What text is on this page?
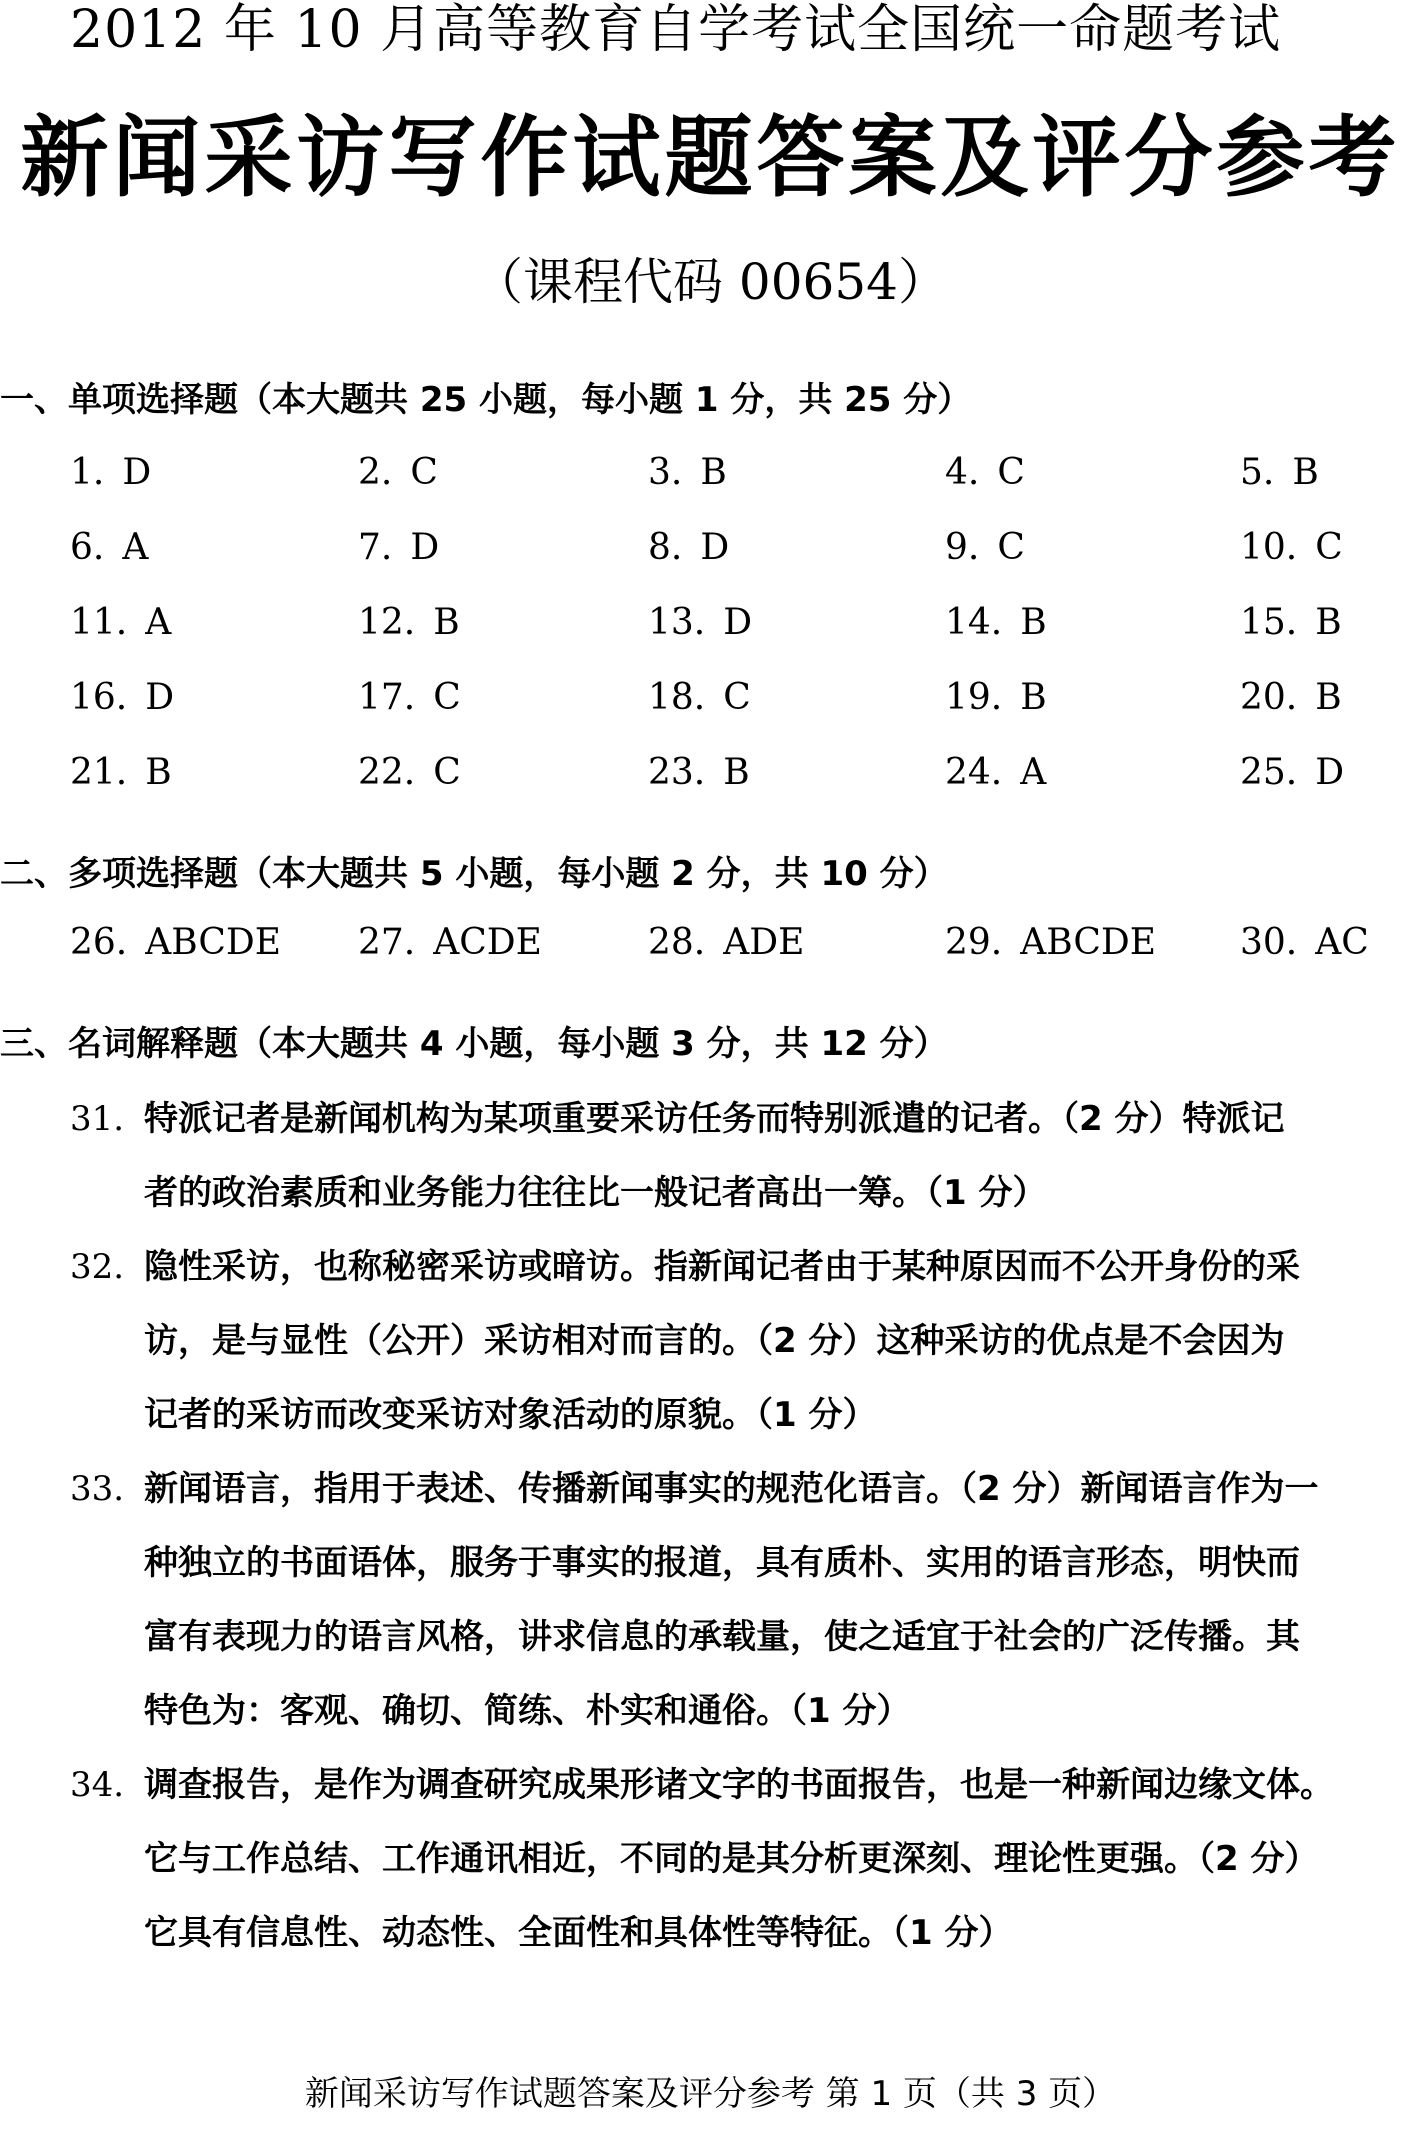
2012 年 10 月高等教育自学考试全国统一命题考试
新闻采访写作试题答案及评分参考
（课程代码 00654）
一、单项选择题（本大题共 25 小题，每小题 1 分，共 25 分）
1. D	2. C	3. B	4. C	5. B
6. A	7. D	8. D	9. C	10. C
11. A	12. B	13. D	14. B	15. B
16. D	17. C	18. C	19. B	20. B
21. B	22. C	23. B	24. A	25. D
二、多项选择题（本大题共 5 小题，每小题 2 分，共 10 分）
26. ABCDE 27. ACDE	28. ADE	29. ABCDE 30. AC
三、名词解释题（本大题共 4 小题，每小题 3 分，共 12 分）
31. 特派记者是新闻机构为某项重要采访任务而特别派遣的记者。（2 分）特派记
者的政治素质和业务能力往往比一般记者高出一筹。（1 分）
32. 隐性采访，也称秘密采访或暗访。指新闻记者由于某种原因而不公开身份的采
访，是与显性（公开）采访相对而言的。（2 分）这种采访的优点是不会因为
记者的采访而改变采访对象活动的原貌。（1 分）
33. 新闻语言，指用于表述、传播新闻事实的规范化语言。（2 分）新闻语言作为一
种独立的书面语体，服务于事实的报道，具有质朴、实用的语言形态，明快而
富有表现力的语言风格，讲求信息的承载量，使之适宜于社会的广泛传播。其
特色为：客观、确切、简练、朴实和通俗。（1 分）
34. 调查报告，是作为调查研究成果形诸文字的书面报告，也是一种新闻边缘文体。
它与工作总结、工作通讯相近，不同的是其分析更深刻、理论性更强。（2 分）
它具有信息性、动态性、全面性和具体性等特征。（1 分）
新闻采访写作试题答案及评分参考 第 1 页（共 3 页）
